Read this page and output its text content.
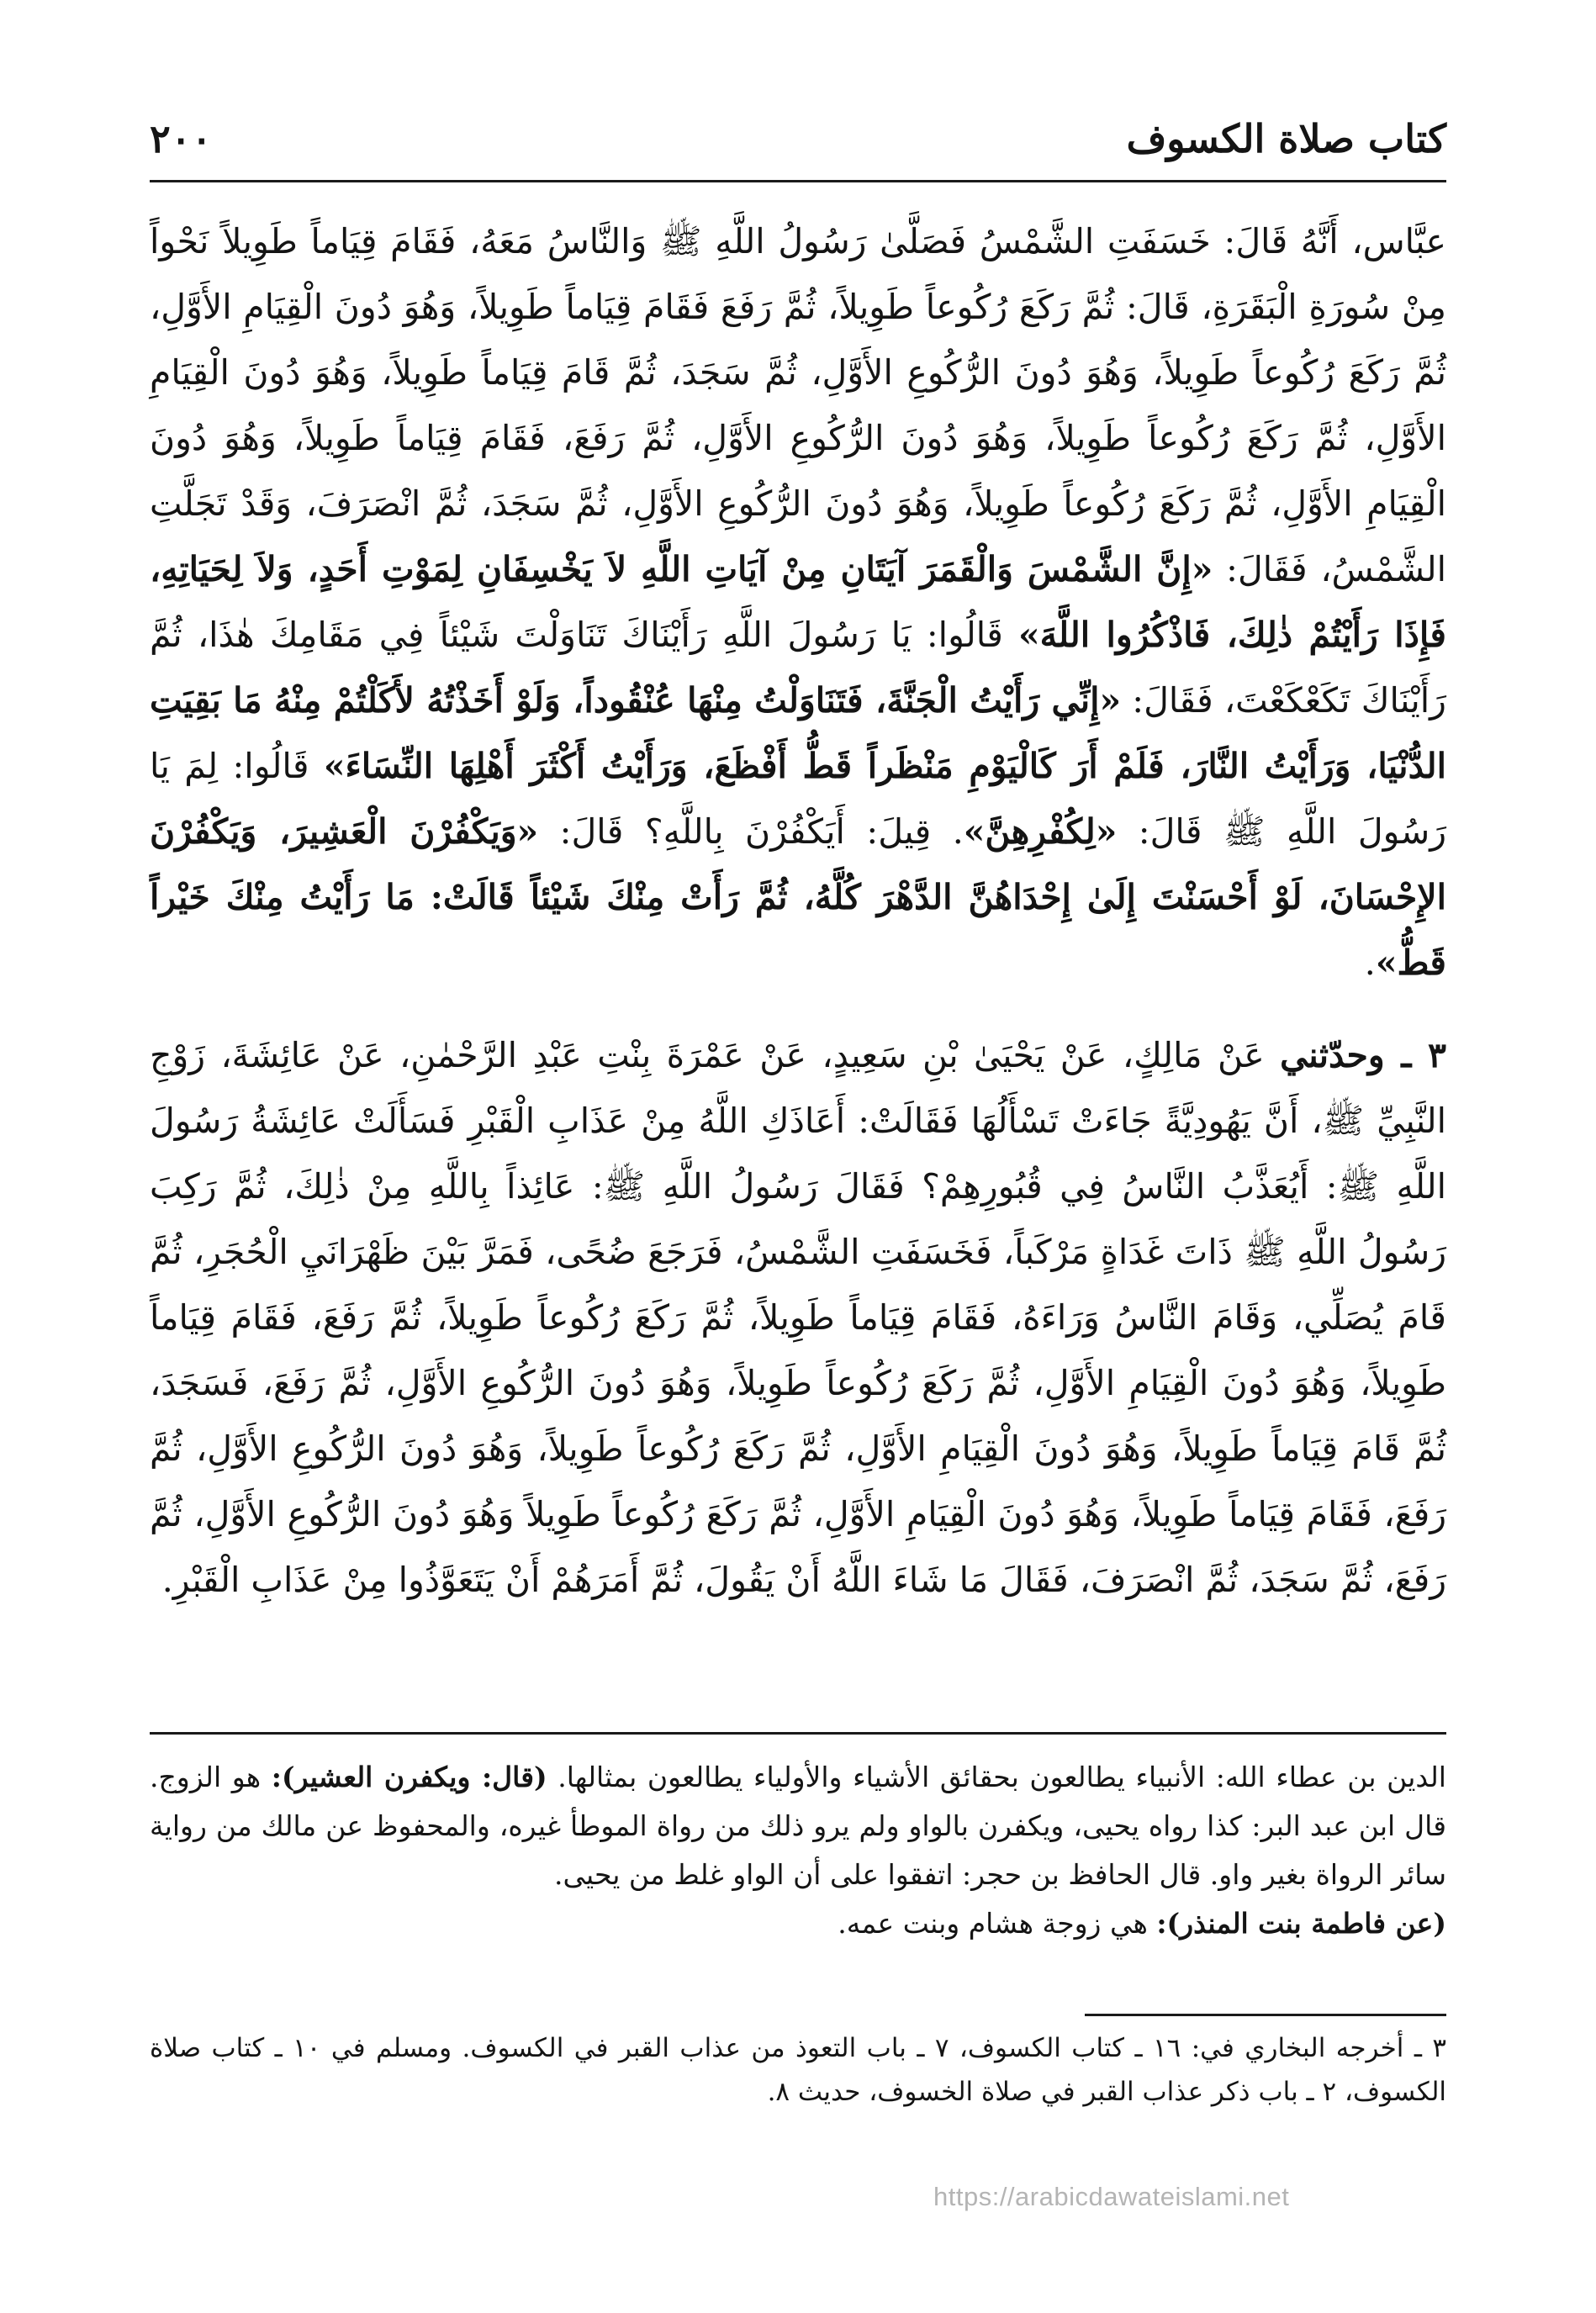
كتاب صلاة الكسوف
٢٠٠

عبَّاس، أَنَّهُ قَالَ: خَسَفَتِ الشَّمْسُ فَصَلَّىٰ رَسُولُ اللَّهِ ﷺ وَالنَّاسُ مَعَهُ، فَقَامَ قِيَاماً طَوِيلاً نَحْواً مِنْ سُورَةِ الْبَقَرَةِ، قَالَ: ثُمَّ رَكَعَ رُكُوعاً طَوِيلاً، ثُمَّ رَفَعَ فَقَامَ قِيَاماً طَوِيلاً، وَهُوَ دُونَ الْقِيَامِ الأَوَّلِ، ثُمَّ رَكَعَ رُكُوعاً طَوِيلاً، وَهُوَ دُونَ الرُّكُوعِ الأَوَّلِ، ثُمَّ سَجَدَ، ثُمَّ قَامَ قِيَاماً طَوِيلاً، وَهُوَ دُونَ الْقِيَامِ الأَوَّلِ، ثُمَّ رَكَعَ رُكُوعاً طَوِيلاً، وَهُوَ دُونَ الرُّكُوعِ الأَوَّلِ، ثُمَّ رَفَعَ، فَقَامَ قِيَاماً طَوِيلاً، وَهُوَ دُونَ الْقِيَامِ الأَوَّلِ، ثُمَّ رَكَعَ رُكُوعاً طَوِيلاً، وَهُوَ دُونَ الرُّكُوعِ الأَوَّلِ، ثُمَّ سَجَدَ، ثُمَّ انْصَرَفَ، وَقَدْ تَجَلَّتِ الشَّمْسُ، فَقَالَ: «إِنَّ الشَّمْسَ وَالْقَمَرَ آيَتَانِ مِنْ آيَاتِ اللَّهِ لاَ يَخْسِفَانِ لِمَوْتِ أَحَدٍ، وَلاَ لِحَيَاتِهِ، فَإِذَا رَأَيْتُمْ ذٰلِكَ، فَاذْكُرُوا اللَّهَ» قَالُوا: يَا رَسُولَ اللَّهِ رَأَيْنَاكَ تَنَاوَلْتَ شَيْئاً فِي مَقَامِكَ هٰذَا، ثُمَّ رَأَيْنَاكَ تَكَعْكَعْتَ، فَقَالَ: «إِنِّي رَأَيْتُ الْجَنَّةَ، فَتَنَاوَلْتُ مِنْهَا عُنْقُوداً، وَلَوْ أَخَذْتُهُ لأَكَلْتُمْ مِنْهُ مَا بَقِيَتِ الدُّنْيَا، وَرَأَيْتُ النَّارَ، فَلَمْ أَرَ كَالْيَوْمِ مَنْظَراً قَطُّ أَفْظَعَ، وَرَأَيْتُ أَكْثَرَ أَهْلِهَا النِّسَاءَ» قَالُوا: لِمَ يَا رَسُولَ اللَّهِ ﷺ قَالَ: «لِكُفْرِهِنَّ». قِيلَ: أَيَكْفُرْنَ بِاللَّهِ؟ قَالَ: «وَيَكْفُرْنَ الْعَشِيرَ، وَيَكْفُرْنَ الإِحْسَانَ، لَوْ أَحْسَنْتَ إِلَىٰ إِحْدَاهُنَّ الدَّهْرَ كُلَّهُ، ثُمَّ رَأَتْ مِنْكَ شَيْئاً قَالَتْ: مَا رَأَيْتُ مِنْكَ خَيْراً قَطُّ».

٣ ـ وحدّثني عَنْ مَالِكٍ، عَنْ يَحْيَىٰ بْنِ سَعِيدٍ، عَنْ عَمْرَةَ بِنْتِ عَبْدِ الرَّحْمٰنِ، عَنْ عَائِشَةَ، زَوْجِ النَّبِيِّ ﷺ، أَنَّ يَهُودِيَّةً جَاءَتْ تَسْأَلُهَا فَقَالَتْ: أَعَاذَكِ اللَّهُ مِنْ عَذَابِ الْقَبْرِ فَسَأَلَتْ عَائِشَةُ رَسُولَ اللَّهِ ﷺ: أَيُعَذَّبُ النَّاسُ فِي قُبُورِهِمْ؟ فَقَالَ رَسُولُ اللَّهِ ﷺ: عَائِذاً بِاللَّهِ مِنْ ذٰلِكَ، ثُمَّ رَكِبَ رَسُولُ اللَّهِ ﷺ ذَاتَ غَدَاةٍ مَرْكَباً، فَخَسَفَتِ الشَّمْسُ، فَرَجَعَ ضُحًى، فَمَرَّ بَيْنَ ظَهْرَانَيِ الْحُجَرِ، ثُمَّ قَامَ يُصَلِّي، وَقَامَ النَّاسُ وَرَاءَهُ، فَقَامَ قِيَاماً طَوِيلاً، ثُمَّ رَكَعَ رُكُوعاً طَوِيلاً، ثُمَّ رَفَعَ، فَقَامَ قِيَاماً طَوِيلاً، وَهُوَ دُونَ الْقِيَامِ الأَوَّلِ، ثُمَّ رَكَعَ رُكُوعاً طَوِيلاً، وَهُوَ دُونَ الرُّكُوعِ الأَوَّلِ، ثُمَّ رَفَعَ، فَسَجَدَ، ثُمَّ قَامَ قِيَاماً طَوِيلاً، وَهُوَ دُونَ الْقِيَامِ الأَوَّلِ، ثُمَّ رَكَعَ رُكُوعاً طَوِيلاً، وَهُوَ دُونَ الرُّكُوعِ الأَوَّلِ، ثُمَّ رَفَعَ، فَقَامَ قِيَاماً طَوِيلاً، وَهُوَ دُونَ الْقِيَامِ الأَوَّلِ، ثُمَّ رَكَعَ رُكُوعاً طَوِيلاً وَهُوَ دُونَ الرُّكُوعِ الأَوَّلِ، ثُمَّ رَفَعَ، ثُمَّ سَجَدَ، ثُمَّ انْصَرَفَ، فَقَالَ مَا شَاءَ اللَّهُ أَنْ يَقُولَ، ثُمَّ أَمَرَهُمْ أَنْ يَتَعَوَّذُوا مِنْ عَذَابِ الْقَبْرِ.

الدين بن عطاء الله: الأنبياء يطالعون بحقائق الأشياء والأولياء يطالعون بمثالها. (قال: ويكفرن العشير): هو الزوج. قال ابن عبد البر: كذا رواه يحيى، ويكفرن بالواو ولم يرو ذلك من رواة الموطأ غيره، والمحفوظ عن مالك من رواية سائر الرواة بغير واو. قال الحافظ بن حجر: اتفقوا على أن الواو غلط من يحيى.

(عن فاطمة بنت المنذر): هي زوجة هشام وبنت عمه.

٣ ـ أخرجه البخاري في: ١٦ ـ كتاب الكسوف، ٧ ـ باب التعوذ من عذاب القبر في الكسوف. ومسلم في ١٠ ـ كتاب صلاة الكسوف، ٢ ـ باب ذكر عذاب القبر في صلاة الخسوف، حديث ٨.

https://arabicdawateislami.net
